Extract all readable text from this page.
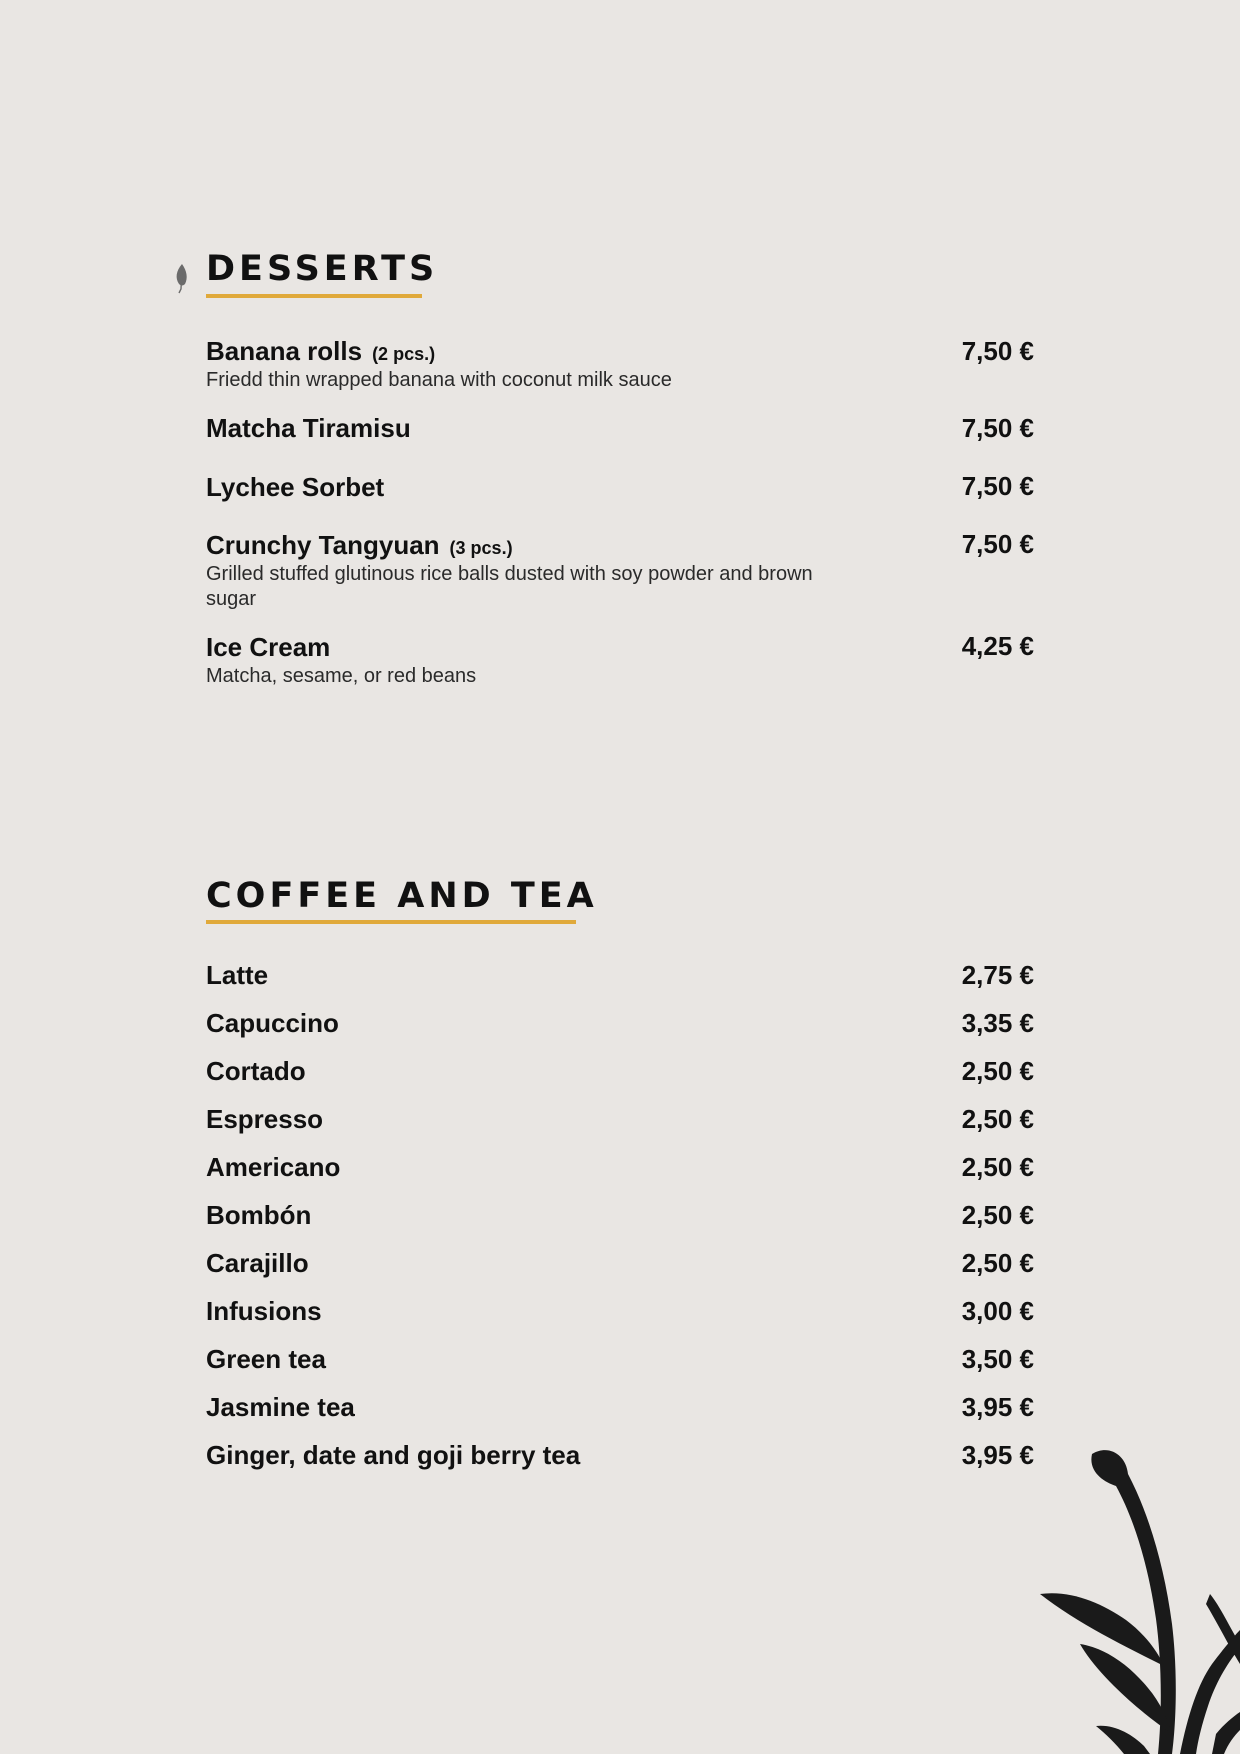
DESSERTS
Banana rolls (2 pcs.)
Friedd thin wrapped banana with coconut milk sauce
7,50 €
Matcha Tiramisu	7,50 €
Lychee Sorbet	7,50 €
Crunchy Tangyuan (3 pcs.)
Grilled stuffed glutinous rice balls dusted with soy powder and brown sugar
7,50 €
Ice Cream
Matcha, sesame, or red beans
4,25 €
COFFEE AND TEA
Latte	2,75 €
Capuccino	3,35 €
Cortado	2,50 €
Espresso	2,50 €
Americano	2,50 €
Bombón	2,50 €
Carajillo	2,50 €
Infusions	3,00 €
Green tea	3,50 €
Jasmine tea	3,95 €
Ginger, date and goji berry tea	3,95 €
